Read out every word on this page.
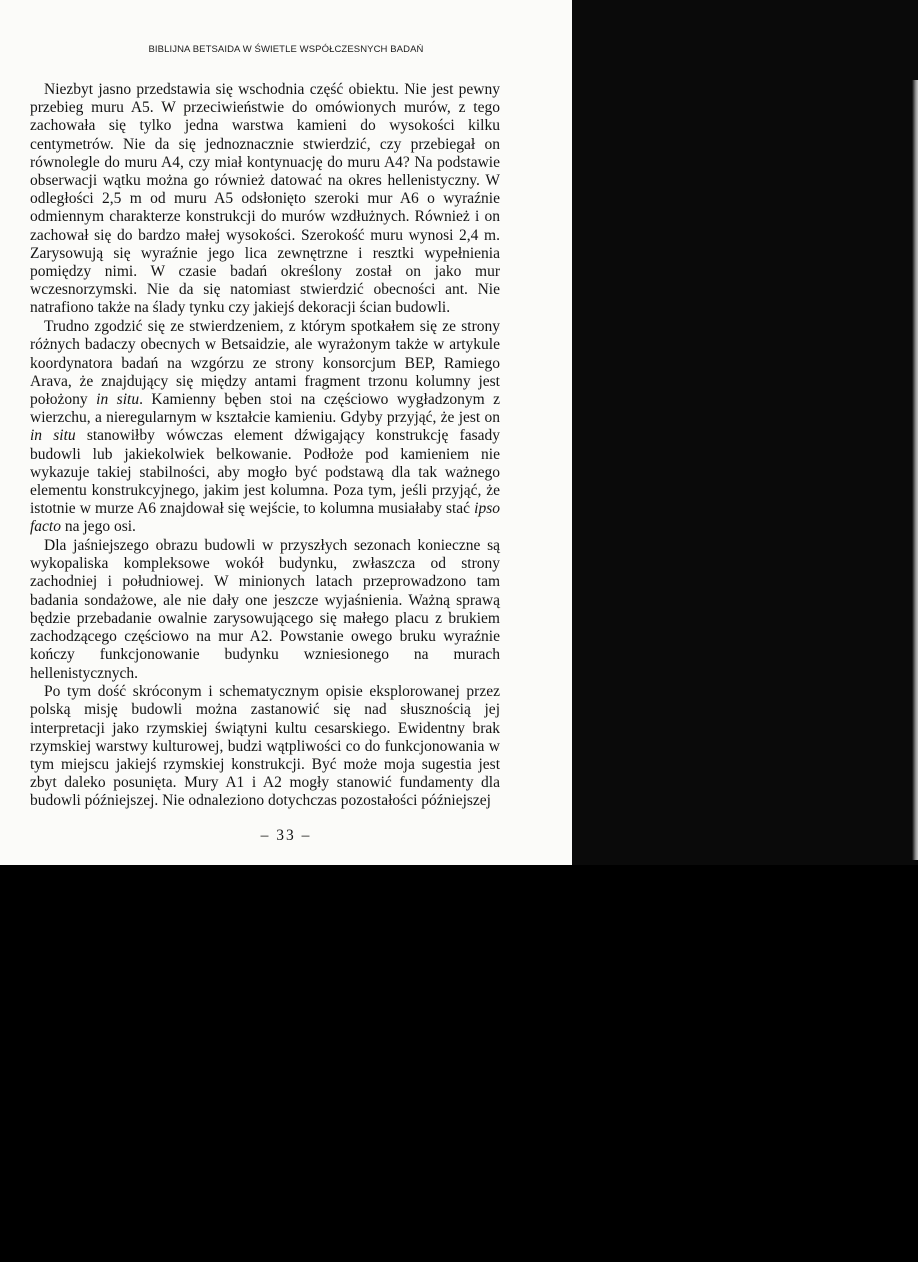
BIBLIJNA BETSAIDA W ŚWIETLE WSPÓŁCZESNYCH BADAŃ

Niezbyt jasno przedstawia się wschodnia część obiektu. Nie jest pewny przebieg muru A5. W przeciwieństwie do omówionych murów, z tego zachowała się tylko jedna warstwa kamieni do wysokości kilku centymetrów. Nie da się jednoznacznie stwierdzić, czy przebiegał on równolegle do muru A4, czy miał kontynuację do muru A4? Na podstawie obserwacji wątku można go również datować na okres hellenistyczny. W odległości 2,5 m od muru A5 odsłonięto szeroki mur A6 o wyraźnie odmiennym charakterze konstrukcji do murów wzdłużnych. Również i on zachował się do bardzo małej wysokości. Szerokość muru wynosi 2,4 m. Zarysowują się wyraźnie jego lica zewnętrzne i resztki wypełnienia pomiędzy nimi. W czasie badań określony został on jako mur wczesnorzymski. Nie da się natomiast stwierdzić obecności ant. Nie natrafiono także na ślady tynku czy jakiejś dekoracji ścian budowli.

Trudno zgodzić się ze stwierdzeniem, z którym spotkałem się ze strony różnych badaczy obecnych w Betsaidzie, ale wyrażonym także w artykule koordynatora badań na wzgórzu ze strony konsorcjum BEP, Ramiego Arava, że znajdujący się między antami fragment trzonu kolumny jest położony in situ. Kamienny bęben stoi na częściowo wygładzonym z wierzchu, a nieregularnym w kształcie kamieniu. Gdyby przyjąć, że jest on in situ stanowiłby wówczas element dźwigający konstrukcję fasady budowli lub jakiekolwiek belkowanie. Podłoże pod kamieniem nie wykazuje takiej stabilności, aby mogło być podstawą dla tak ważnego elementu konstrukcyjnego, jakim jest kolumna. Poza tym, jeśli przyjąć, że istotnie w murze A6 znajdował się wejście, to kolumna musiałaby stać ipso facto na jego osi.

Dla jaśniejszego obrazu budowli w przyszłych sezonach konieczne są wykopaliska kompleksowe wokół budynku, zwłaszcza od strony zachodniej i południowej. W minionych latach przeprowadzono tam badania sondażowe, ale nie dały one jeszcze wyjaśnienia. Ważną sprawą będzie przebadanie owalnie zarysowującego się małego placu z brukiem zachodzącego częściowo na mur A2. Powstanie owego bruku wyraźnie kończy funkcjonowanie budynku wzniesionego na murach hellenistycznych.

Po tym dość skróconym i schematycznym opisie eksplorowanej przez polską misję budowli można zastanowić się nad słusznością jej interpretacji jako rzymskiej świątyni kultu cesarskiego. Ewidentny brak rzymskiej warstwy kulturowej, budzi wątpliwości co do funkcjonowania w tym miejscu jakiejś rzymskiej konstrukcji. Być może moja sugestia jest zbyt daleko posunięta. Mury A1 i A2 mogły stanowić fundamenty dla budowli późniejszej. Nie odnaleziono dotychczas pozostałości późniejszej

– 33 –
